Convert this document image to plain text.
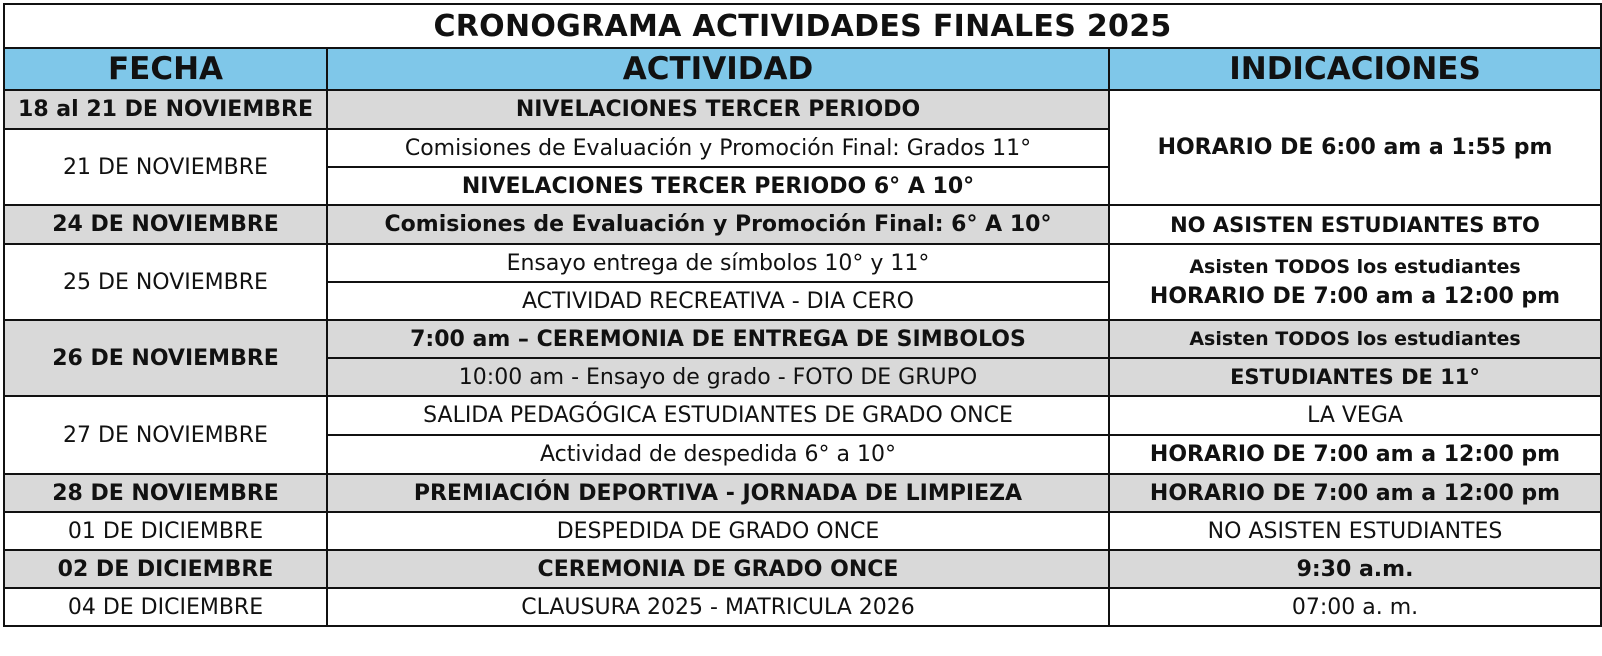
CRONOGRAMA ACTIVIDADES FINALES 2025		
FECHA	ACTIVIDAD	INDICACIONES
18 al 21 DE NOVIEMBRE	NIVELACIONES TERCER PERIODO	HORARIO DE 6:00 am a 1:55 pm
21 DE NOVIEMBRE	Comisiones de Evaluación y Promoción Final: Grados 11°	
	NIVELACIONES TERCER PERIODO 6° A 10°	
24 DE NOVIEMBRE	Comisiones de Evaluación y Promoción Final: 6° A 10°	NO ASISTEN ESTUDIANTES BTO
25 DE NOVIEMBRE	Ensayo entrega de símbolos 10° y 11°	Asisten TODOS los estudiantes
HORARIO DE 7:00 am a 12:00 pm

	ACTIVIDAD RECREATIVA - DIA CERO	
26 DE NOVIEMBRE	7:00 am – CEREMONIA DE ENTREGA DE SIMBOLOS	Asisten TODOS los estudiantes
	10:00 am - Ensayo de grado - FOTO DE GRUPO	ESTUDIANTES DE 11°
27 DE NOVIEMBRE	SALIDA PEDAGÓGICA ESTUDIANTES DE GRADO ONCE	LA VEGA
	Actividad de despedida 6° a 10°	HORARIO DE 7:00 am a 12:00 pm
28 DE NOVIEMBRE	PREMIACIÓN DEPORTIVA - JORNADA DE LIMPIEZA	HORARIO DE 7:00 am a 12:00 pm
01 DE DICIEMBRE	DESPEDIDA DE GRADO ONCE	NO ASISTEN ESTUDIANTES
02 DE DICIEMBRE	CEREMONIA DE GRADO ONCE	9:30 a.m.
04 DE DICIEMBRE	CLAUSURA 2025 - MATRICULA 2026	07:00 a. m.
